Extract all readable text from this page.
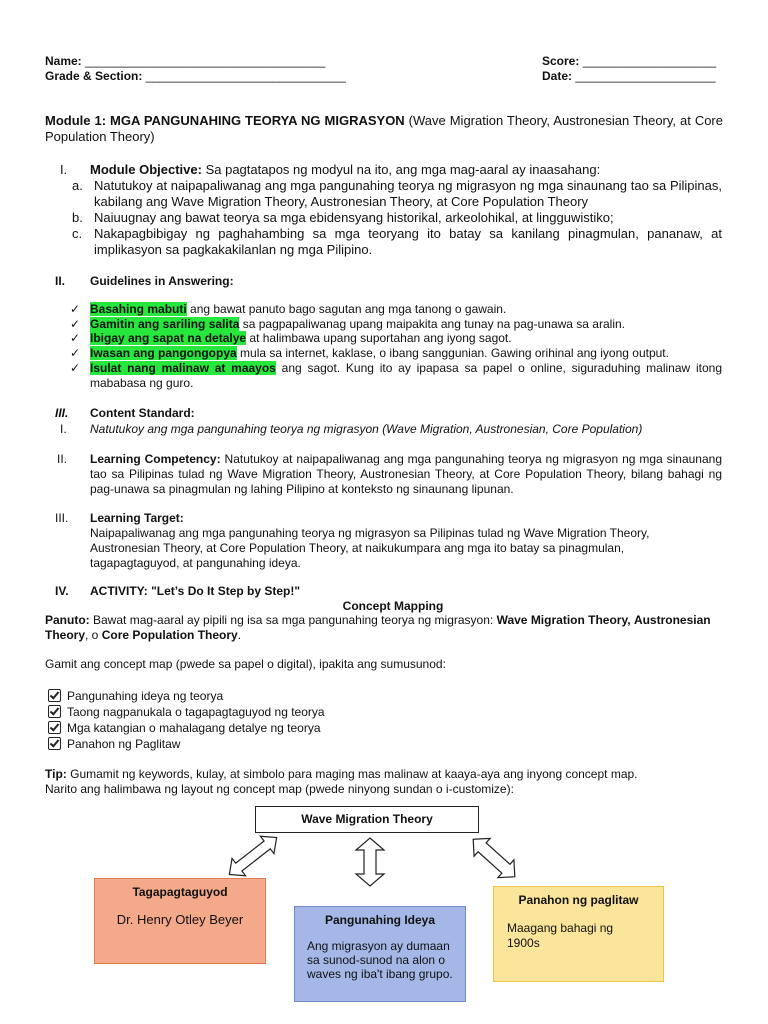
Name: ____________________________________
Grade & Section: ______________________________
Score: ____________________
Date: _____________________
Module 1: MGA PANGUNAHING TEORYA NG MIGRASYON (Wave Migration Theory, Austronesian Theory, at Core Population Theory)
I. Module Objective: Sa pagtatapos ng modyul na ito, ang mga mag-aaral ay inaasahang:
a. Natutukoy at naipapaliwanag ang mga pangunahing teorya ng migrasyon ng mga sinaunang tao sa Pilipinas, kabilang ang Wave Migration Theory, Austronesian Theory, at Core Population Theory
b. Naiuugnay ang bawat teorya sa mga ebidensyang historikal, arkeolohikal, at lingguwistiko;
c. Nakapagbibigay ng paghahambing sa mga teoryang ito batay sa kanilang pinagmulan, pananaw, at implikasyon sa pagkakakilanlan ng mga Pilipino.
II. Guidelines in Answering:
✓ Basahing mabuti ang bawat panuto bago sagutan ang mga tanong o gawain.
✓ Gamitin ang sariling salita sa pagpapaliwanag upang maipakita ang tunay na pag-unawa sa aralin.
✓ Ibigay ang sapat na detalye at halimbawa upang suportahan ang iyong sagot.
✓ Iwasan ang pangongopya mula sa internet, kaklase, o ibang sanggunian. Gawing orihinal ang iyong output.
✓ Isulat nang malinaw at maayos ang sagot. Kung ito ay ipapasa sa papel o online, siguraduhing malinaw itong mababasa ng guro.
III. Content Standard:
I. Natutukoy ang mga pangunahing teorya ng migrasyon (Wave Migration, Austronesian, Core Population)
II. Learning Competency: Natutukoy at naipapaliwanag ang mga pangunahing teorya ng migrasyon ng mga sinaunang tao sa Pilipinas tulad ng Wave Migration Theory, Austronesian Theory, at Core Population Theory, bilang bahagi ng pag-unawa sa pinagmulan ng lahing Pilipino at konteksto ng sinaunang lipunan.
III. Learning Target:
Naipapaliwanag ang mga pangunahing teorya ng migrasyon sa Pilipinas tulad ng Wave Migration Theory, Austronesian Theory, at Core Population Theory, at naikukumpara ang mga ito batay sa pinagmulan, tagapagtaguyod, at pangunahing ideya.
IV. ACTIVITY: "Let’s Do It Step by Step!"
Concept Mapping
Panuto: Bawat mag-aaral ay pipili ng isa sa mga pangunahing teorya ng migrasyon: Wave Migration Theory, Austronesian Theory, o Core Population Theory.
Gamit ang concept map (pwede sa papel o digital), ipakita ang sumusunod:
Pangunahing ideya ng teorya
Taong nagpanukala o tagapagtaguyod ng teorya
Mga katangian o mahalagang detalye ng teorya
Panahon ng Paglitaw
Tip: Gumamit ng keywords, kulay, at simbolo para maging mas malinaw at kaaya-aya ang inyong concept map.
Narito ang halimbawa ng layout ng concept map (pwede ninyong sundan o i-customize):
Wave Migration Theory
Tagapagtaguyod
Dr. Henry Otley Beyer	Pangunahing Ideya
Ang migrasyon ay dumaan sa sunod-sunod na alon o waves ng iba't ibang grupo.
Panahon ng paglitaw
Maagang bahagi ng 1900s
